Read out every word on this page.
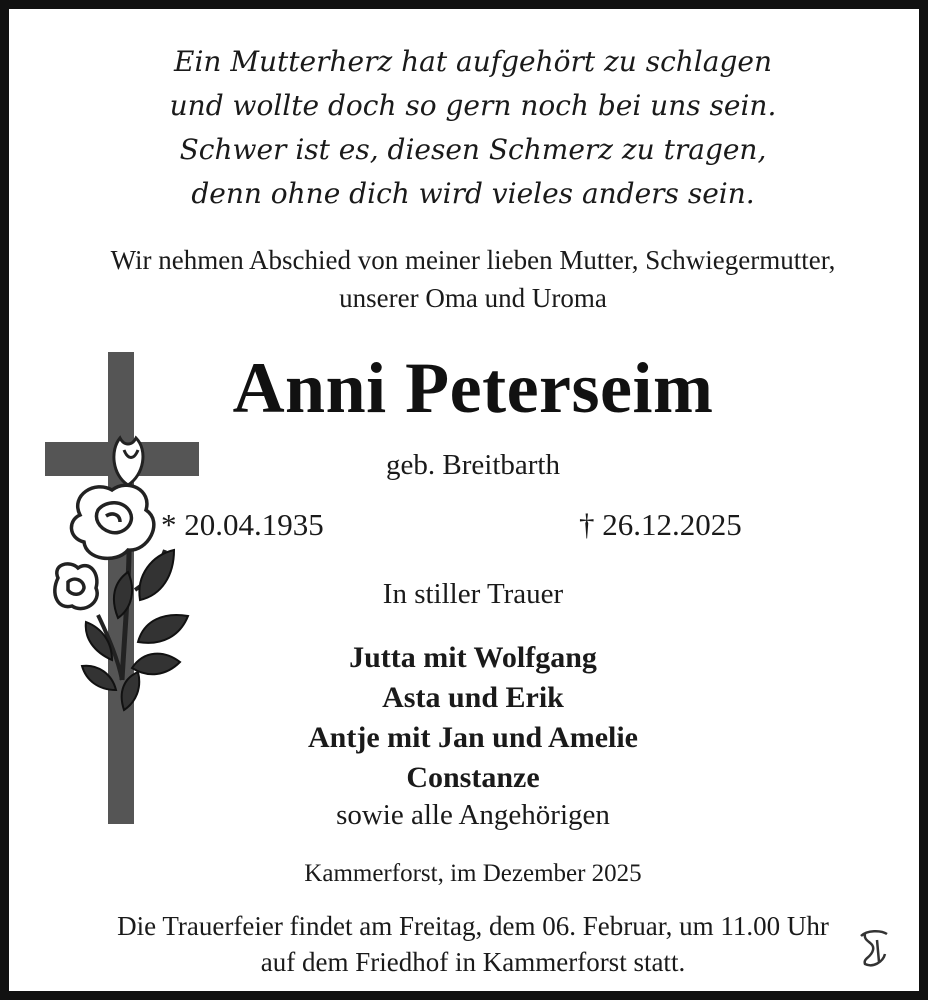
Ein Mutterherz hat aufgehört zu schlagen
und wollte doch so gern noch bei uns sein.
Schwer ist es, diesen Schmerz zu tragen,
denn ohne dich wird vieles anders sein.
Wir nehmen Abschied von meiner lieben Mutter, Schwiegermutter,
unserer Oma und Uroma
Anni Peterseim
geb. Breitbarth
* 20.04.1935	† 26.12.2025
In stiller Trauer
Jutta mit Wolfgang
Asta und Erik
Antje mit Jan und Amelie
Constanze
sowie alle Angehörigen
Kammerforst, im Dezember 2025
Die Trauerfeier findet am Freitag, dem 06. Februar, um 11.00 Uhr
auf dem Friedhof in Kammerforst statt.
